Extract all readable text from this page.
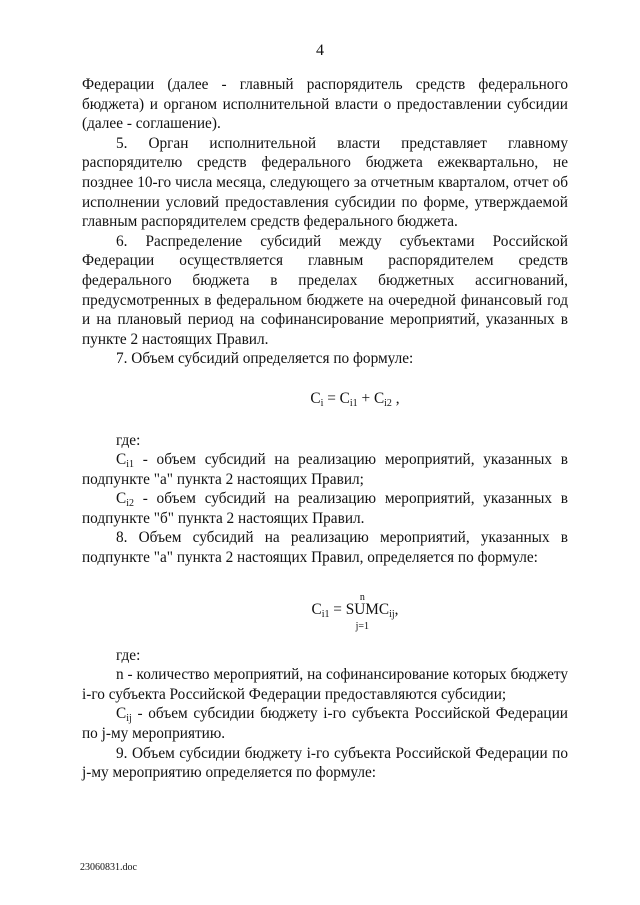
4

Федерации (далее - главный распорядитель средств федерального бюджета) и органом исполнительной власти о предоставлении субсидии (далее - соглашение).

5. Орган исполнительной власти представляет главному распорядителю средств федерального бюджета ежеквартально, не позднее 10-го числа месяца, следующего за отчетным кварталом, отчет об исполнении условий предоставления субсидии по форме, утверждаемой главным распорядителем средств федерального бюджета.

6. Распределение субсидий между субъектами Российской Федерации осуществляется главным распорядителем средств федерального бюджета в пределах бюджетных ассигнований, предусмотренных в федеральном бюджете на очередной финансовый год и на плановый период на софинансирование мероприятий, указанных в пункте 2 настоящих Правил.

7. Объем субсидий определяется по формуле:

$C_i = C_{i1} + C_{i2}$ ,

где:

$C_{i1}$ - объем субсидий на реализацию мероприятий, указанных в подпункте "а" пункта 2 настоящих Правил;

$C_{i2}$ - объем субсидий на реализацию мероприятий, указанных в подпункте "б" пункта 2 настоящих Правил.

8. Объем субсидий на реализацию мероприятий, указанных в подпункте "а" пункта 2 настоящих Правил, определяется по формуле:

$C_{i1}$ =
n
SUM
j=1
$C_{ij}$,

где:

n - количество мероприятий, на софинансирование которых бюджету i-го субъекта Российской Федерации предоставляются субсидии;

$C_{ij}$ - объем субсидии бюджету i-го субъекта Российской Федерации по j-му мероприятию.

9. Объем субсидии бюджету i-го субъекта Российской Федерации по j-му мероприятию определяется по формуле:

23060831.doc
